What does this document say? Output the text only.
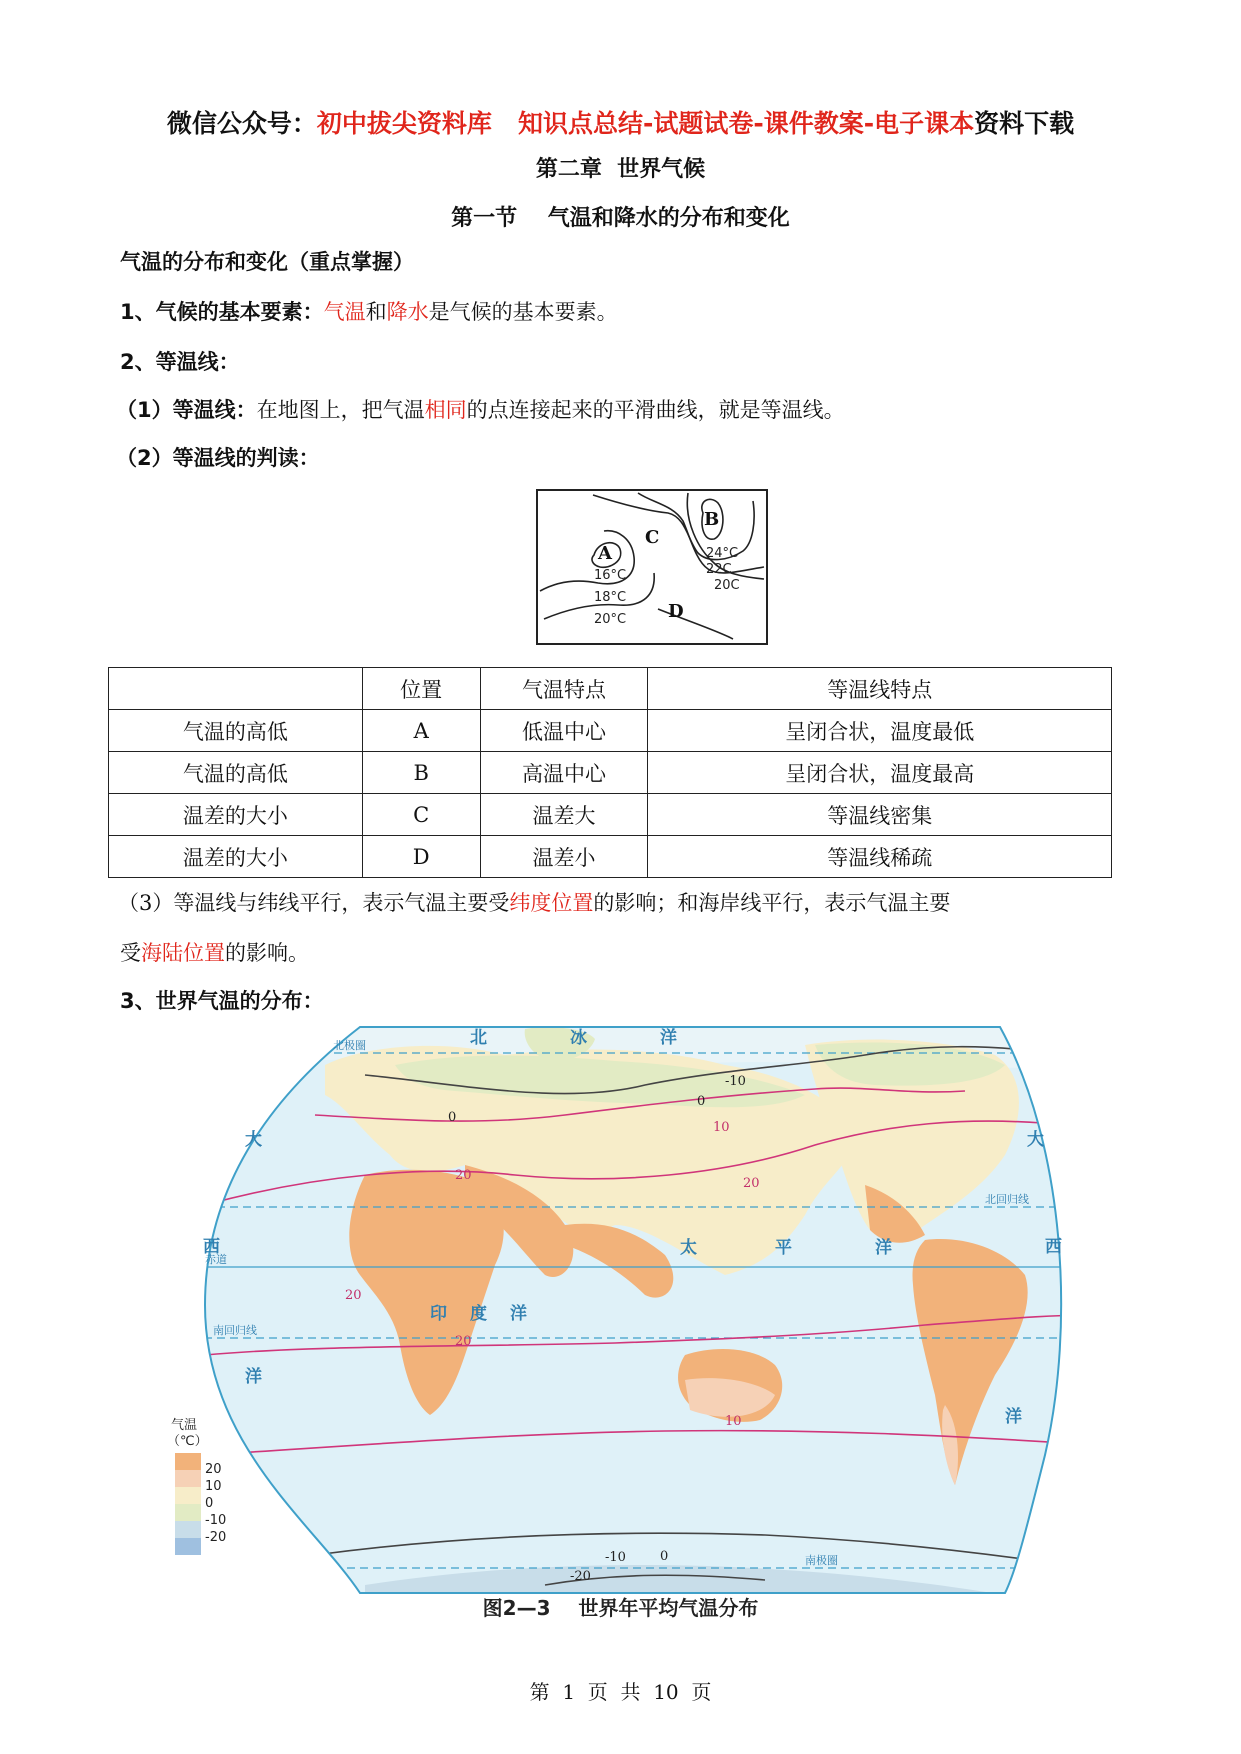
微信公众号：初中拔尖资料库   知识点总结-试题试卷-课件教案-电子课本资料下载
第二章  世界气候
第一节    气温和降水的分布和变化
气温的分布和变化（重点掌握）
1、气候的基本要素：气温和降水是气候的基本要素。
2、等温线：
（1）等温线：在地图上，把气温相同的点连接起来的平滑曲线，就是等温线。
（2）等温线的判读：
A
B
C
D
16°C
18°C
20°C
24°C
22C
20C
	位置	气温特点	等温线特点
气温的高低	A	低温中心	呈闭合状，温度最低
气温的高低	B	高温中心	呈闭合状，温度最高
温差的大小	C	温差大	等温线密集
温差的大小	D	温差小	等温线稀疏
（3）等温线与纬线平行，表示气温主要受纬度位置的影响；和海岸线平行，表示气温主要
受海陆位置的影响。
3、世界气温的分布：
气温
（℃）
20
10
0
-10
-20
北	冰	洋
大	大
西	西
太	平	洋
印 度 洋
洋
洋
北极圈
北回归线
赤道
南回归线
南极圈
-10
0
10
20
20
20
10
0
-10
-20
20
0
图2—3    世界年平均气温分布
第  1  页  共  10  页
